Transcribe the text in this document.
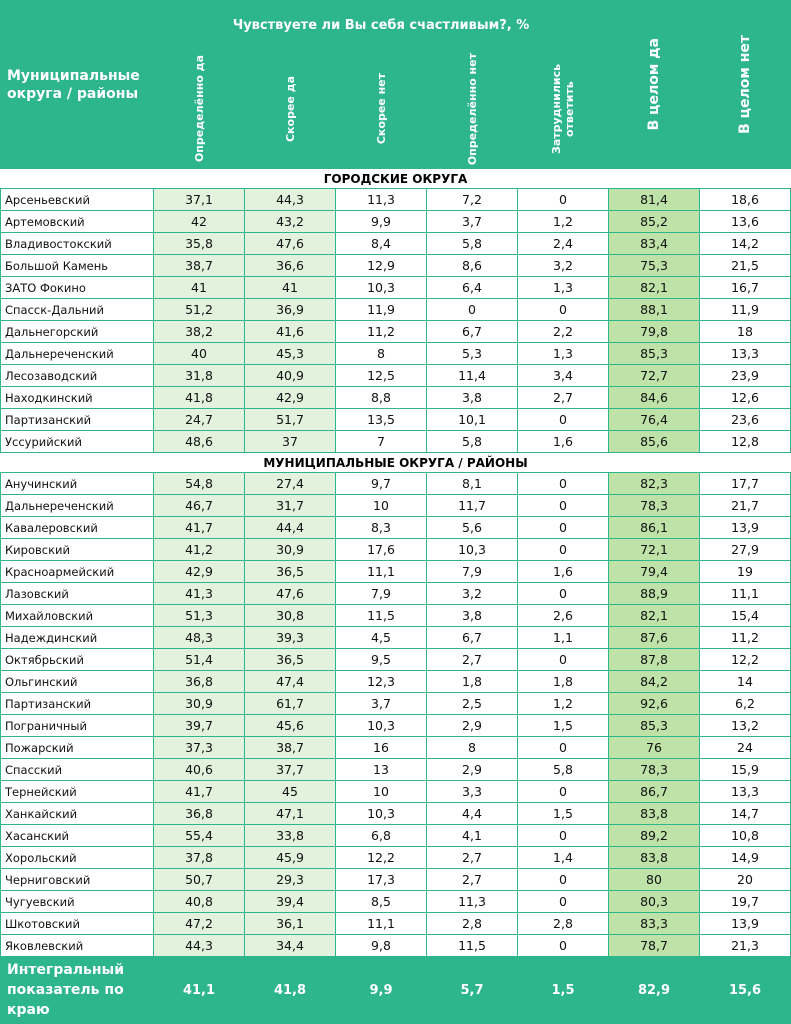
Муниципальные округа / районы	Чувствуете ли Вы себя счастливым?, %					В целом да	В целом нет

	Определённо да	Скорее да	Скорее нет	Определённо нет	Затруднились ответить		

ГОРОДСКИЕ ОКРУГА							
Арсеньевский	37,1	44,3	11,3	7,2	0	81,4	18,6
Артемовский	42	43,2	9,9	3,7	1,2	85,2	13,6
Владивостокский	35,8	47,6	8,4	5,8	2,4	83,4	14,2
Большой Камень	38,7	36,6	12,9	8,6	3,2	75,3	21,5
ЗАТО Фокино	41	41	10,3	6,4	1,3	82,1	16,7
Спасск-Дальний	51,2	36,9	11,9	0	0	88,1	11,9
Дальнегорский	38,2	41,6	11,2	6,7	2,2	79,8	18
Дальнереченский	40	45,3	8	5,3	1,3	85,3	13,3
Лесозаводский	31,8	40,9	12,5	11,4	3,4	72,7	23,9
Находкинский	41,8	42,9	8,8	3,8	2,7	84,6	12,6
Партизанский	24,7	51,7	13,5	10,1	0	76,4	23,6
Уссурийский	48,6	37	7	5,8	1,6	85,6	12,8
МУНИЦИПАЛЬНЫЕ ОКРУГА / РАЙОНЫ							
Анучинский	54,8	27,4	9,7	8,1	0	82,3	17,7
Дальнереченский	46,7	31,7	10	11,7	0	78,3	21,7
Кавалеровский	41,7	44,4	8,3	5,6	0	86,1	13,9
Кировский	41,2	30,9	17,6	10,3	0	72,1	27,9
Красноармейский	42,9	36,5	11,1	7,9	1,6	79,4	19
Лазовский	41,3	47,6	7,9	3,2	0	88,9	11,1
Михайловский	51,3	30,8	11,5	3,8	2,6	82,1	15,4
Надеждинский	48,3	39,3	4,5	6,7	1,1	87,6	11,2
Октябрьский	51,4	36,5	9,5	2,7	0	87,8	12,2
Ольгинский	36,8	47,4	12,3	1,8	1,8	84,2	14
Партизанский	30,9	61,7	3,7	2,5	1,2	92,6	6,2
Пограничный	39,7	45,6	10,3	2,9	1,5	85,3	13,2
Пожарский	37,3	38,7	16	8	0	76	24
Спасский	40,6	37,7	13	2,9	5,8	78,3	15,9
Тернейский	41,7	45	10	3,3	0	86,7	13,3
Ханкайский	36,8	47,1	10,3	4,4	1,5	83,8	14,7
Хасанский	55,4	33,8	6,8	4,1	0	89,2	10,8
Хорольский	37,8	45,9	12,2	2,7	1,4	83,8	14,9
Черниговский	50,7	29,3	17,3	2,7	0	80	20
Чугуевский	40,8	39,4	8,5	11,3	0	80,3	19,7
Шкотовский	47,2	36,1	11,1	2,8	2,8	83,3	13,9
Яковлевский	44,3	34,4	9,8	11,5	0	78,7	21,3
Интегральный показатель по краю	41,1	41,8	9,9	5,7	1,5	82,9	15,6
